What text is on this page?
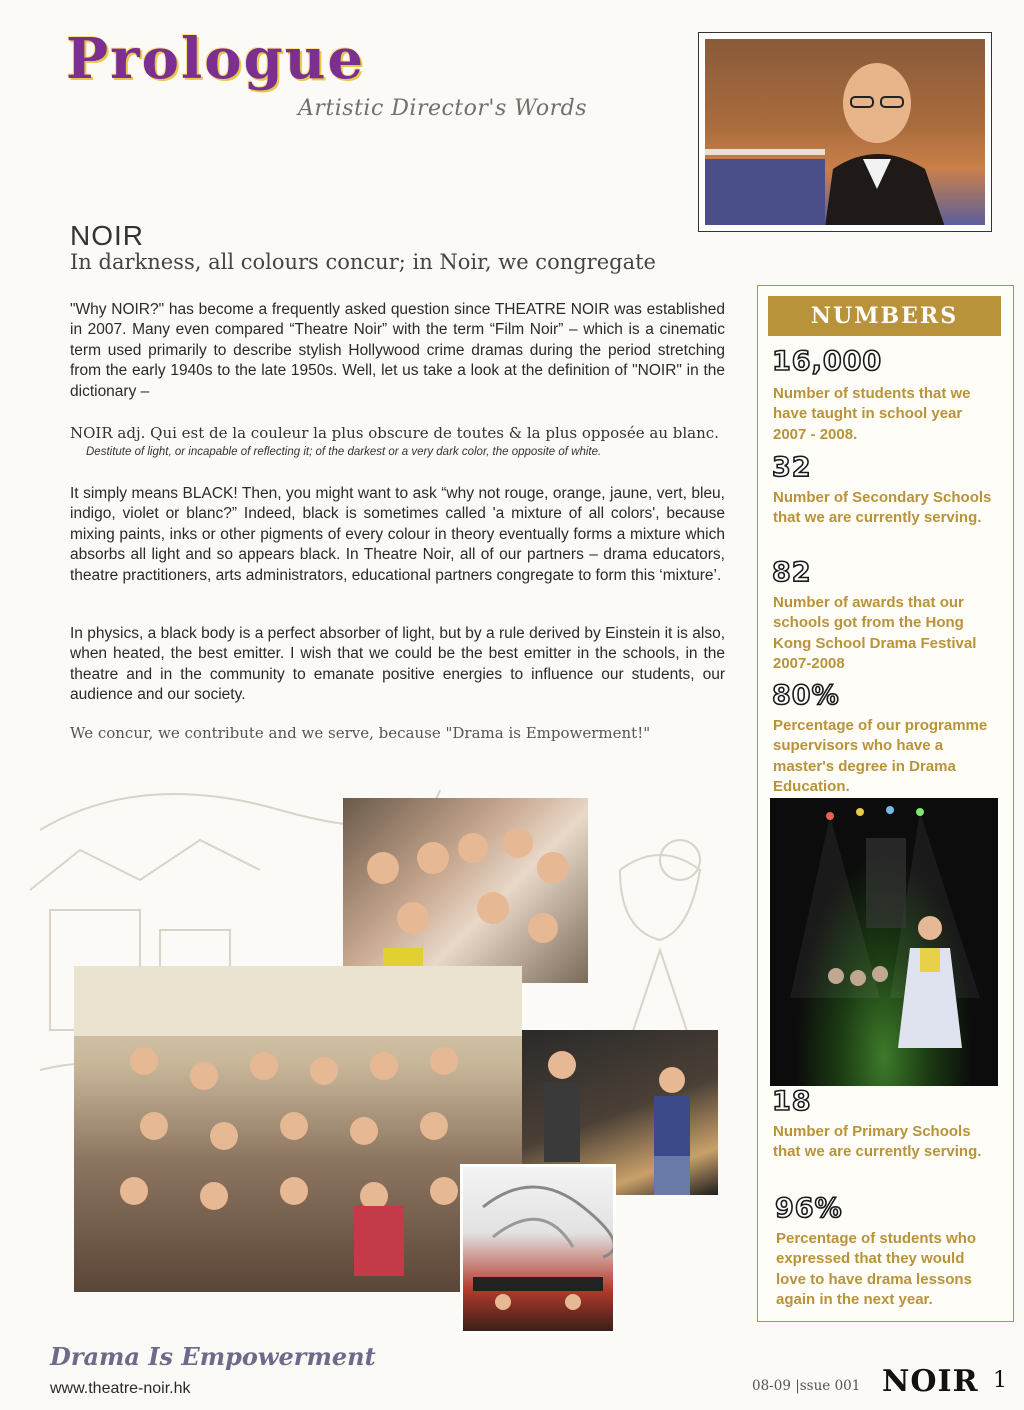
Prologue
Artistic Director's Words
NOIR
In darkness, all colours concur; in Noir, we congregate
"Why NOIR?" has become a frequently asked question since THEATRE NOIR was established in 2007. Many even compared “Theatre Noir” with the term “Film Noir” – which is a cinematic term used primarily to describe stylish Hollywood crime dramas during the period stretching from the early 1940s to the late 1950s. Well, let us take a look at the definition of "NOIR" in the dictionary –
NOIR adj. Qui est de la couleur la plus obscure de toutes & la plus opposée au blanc.
Destitute of light, or incapable of reflecting it; of the darkest or a very dark color, the opposite of white.
It simply means BLACK! Then, you might want to ask “why not rouge, orange, jaune, vert, bleu, indigo, violet or blanc?” Indeed, black is sometimes called 'a mixture of all colors', because mixing paints, inks or other pigments of every colour in theory eventually forms a mixture which absorbs all light and so appears black. In Theatre Noir, all of our partners – drama educators, theatre practitioners, arts administrators, educational partners congregate to form this ‘mixture’.
In physics, a black body is a perfect absorber of light, but by a rule derived by Einstein it is also, when heated, the best emitter. I wish that we could be the best emitter in the schools, in the theatre and in the community to emanate positive energies to influence our students, our audience and our society.
We concur, we contribute and we serve, because "Drama is Empowerment!"
NUMBERS
16,000
Number of students that we have taught in school year 2007 - 2008.
32
Number of Secondary Schools that we are currently serving.
82
Number of awards that our schools got from the Hong Kong School Drama Festival 2007-2008
80%
Percentage of our programme supervisors who have a master's degree in Drama Education.
18
Number of Primary Schools that we are currently serving.
96%
Percentage of students who expressed that they would love to have drama lessons again in the next year.
Drama Is Empowerment
www.theatre-noir.hk	08-09 |ssue 001 NOIR 1
